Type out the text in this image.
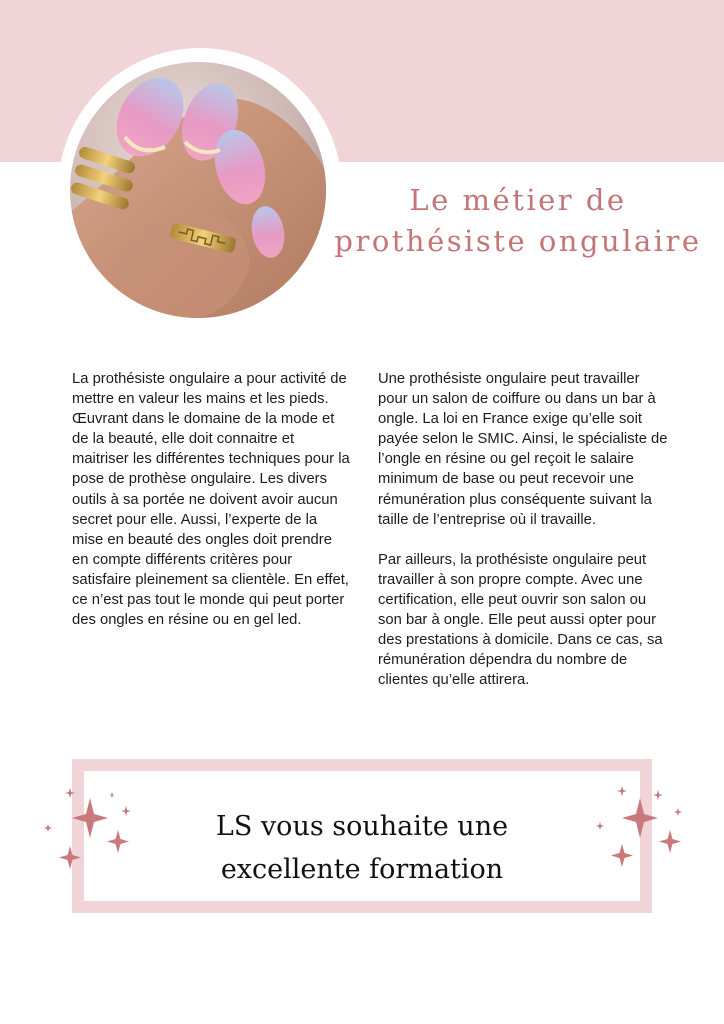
Le métier de
prothésiste ongulaire

La prothésiste ongulaire a pour activité de mettre en valeur les mains et les pieds. Œuvrant dans le domaine de la mode et de la beauté, elle doit connaitre et maitriser les différentes techniques pour la pose de prothèse ongulaire. Les divers outils à sa portée ne doivent avoir aucun secret pour elle. Aussi, l’experte de la mise en beauté des ongles doit prendre en compte différents critères pour satisfaire pleinement sa clientèle. En effet, ce n’est pas tout le monde qui peut porter des ongles en résine ou en gel led.

Une prothésiste ongulaire peut travailler pour un salon de coiffure ou dans un bar à ongle. La loi en France exige qu’elle soit payée selon le SMIC. Ainsi, le spécialiste de l’ongle en résine ou gel reçoit le salaire minimum de base ou peut recevoir une rémunération plus conséquente suivant la taille de l’entreprise où il travaille.

Par ailleurs, la prothésiste ongulaire peut travailler à son propre compte. Avec une certification, elle peut ouvrir son salon ou son bar à ongle. Elle peut aussi opter pour des prestations à domicile. Dans ce cas, sa rémunération dépendra du nombre de clientes qu’elle attirera.

LS vous souhaite une
excellente formation
